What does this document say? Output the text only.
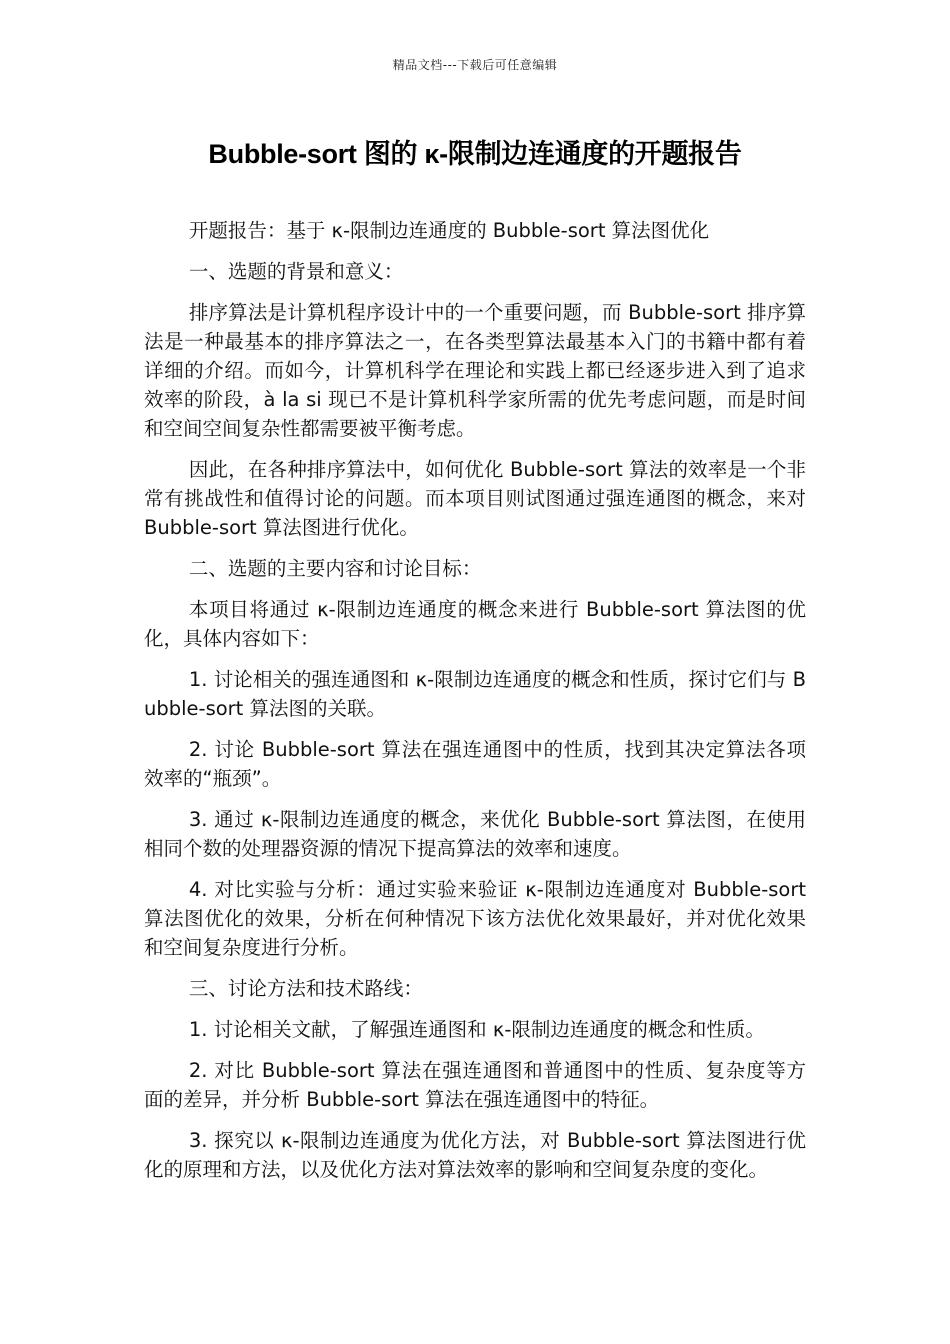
精品文档---下载后可任意编辑
Bubble-sort 图的 κ-限制边连通度的开题报告

开题报告：基于 κ-限制边连通度的 Bubble-sort 算法图优化

一、选题的背景和意义：

排序算法是计算机程序设计中的一个重要问题，而 Bubble-sort 排序算法是一种最基本的排序算法之一，在各类型算法最基本入门的书籍中都有着详细的介绍。而如今，计算机科学在理论和实践上都已经逐步进入到了追求效率的阶段，à la si 现已不是计算机科学家所需的优先考虑问题，而是时间和空间空间复杂性都需要被平衡考虑。

因此，在各种排序算法中，如何优化 Bubble-sort 算法的效率是一个非常有挑战性和值得讨论的问题。而本项目则试图通过强连通图的概念，来对 Bubble-sort 算法图进行优化。

二、选题的主要内容和讨论目标：

本项目将通过 κ-限制边连通度的概念来进行 Bubble-sort 算法图的优化，具体内容如下：

1. 讨论相关的强连通图和 κ-限制边连通度的概念和性质，探讨它们与 Bubble-sort 算法图的关联。

2. 讨论 Bubble-sort 算法在强连通图中的性质，找到其决定算法各项效率的“瓶颈”。

3. 通过 κ-限制边连通度的概念，来优化 Bubble-sort 算法图，在使用相同个数的处理器资源的情况下提高算法的效率和速度。

4. 对比实验与分析：通过实验来验证 κ-限制边连通度对 Bubble-sort 算法图优化的效果，分析在何种情况下该方法优化效果最好，并对优化效果和空间复杂度进行分析。

三、讨论方法和技术路线：

1. 讨论相关文献，了解强连通图和 κ-限制边连通度的概念和性质。

2. 对比 Bubble-sort 算法在强连通图和普通图中的性质、复杂度等方面的差异，并分析 Bubble-sort 算法在强连通图中的特征。

3. 探究以 κ-限制边连通度为优化方法，对 Bubble-sort 算法图进行优化的原理和方法，以及优化方法对算法效率的影响和空间复杂度的变化。
